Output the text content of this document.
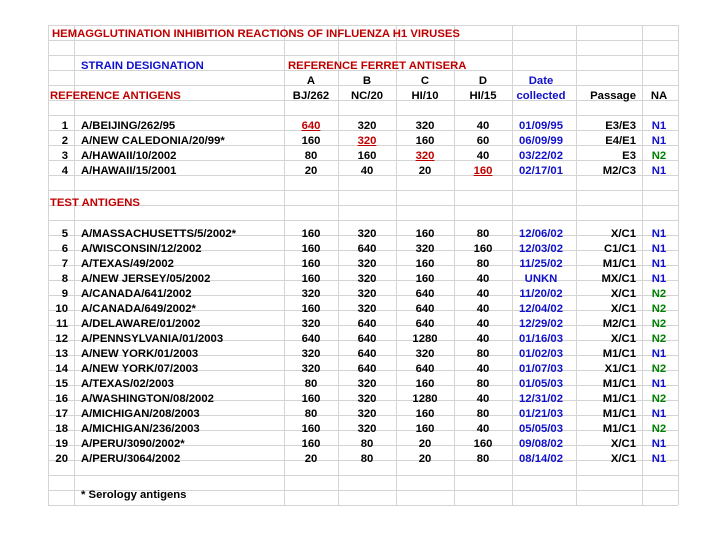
HEMAGGLUTINATION INHIBITION REACTIONS OF INFLUENZA H1 VIRUSES
STRAIN DESIGNATION	REFERENCE FERRET ANTISERA
A	B	C	D	Date
REFERENCE ANTIGENS	BJ/262	NC/20	HI/10	HI/15	collected	Passage	NA
1 A/BEIJING/262/95	640	320	320	40	01/09/95	E3/E3	N1
2 A/NEW CALEDONIA/20/99*	160	320	160	60	06/09/99	E4/E1	N1
3 A/HAWAII/10/2002	80	160	320	40	03/22/02	E3	N2
4 A/HAWAII/15/2001	20	40	20	160	02/17/01	M2/C3	N1
TEST ANTIGENS
5 A/MASSACHUSETTS/5/2002*	160	320	160	80	12/06/02	X/C1	N1
6 A/WISCONSIN/12/2002	160	640	320	160	12/03/02	C1/C1	N1
7 A/TEXAS/49/2002	160	320	160	80	11/25/02	M1/C1	N1
8 A/NEW JERSEY/05/2002	160	320	160	40	UNKN	MX/C1	N1
9 A/CANADA/641/2002	320	320	640	40	11/20/02	X/C1	N2
10 A/CANADA/649/2002*	160	320	640	40	12/04/02	X/C1	N2
11 A/DELAWARE/01/2002	320	640	640	40	12/29/02	M2/C1	N2
12 A/PENNSYLVANIA/01/2003	640	640	1280	40	01/16/03	X/C1	N2
13 A/NEW YORK/01/2003	320	640	320	80	01/02/03	M1/C1	N1
14 A/NEW YORK/07/2003	320	640	640	40	01/07/03	X1/C1	N2
15 A/TEXAS/02/2003	80	320	160	80	01/05/03	M1/C1	N1
16 A/WASHINGTON/08/2002	160	320	1280	40	12/31/02	M1/C1	N2
17 A/MICHIGAN/208/2003	80	320	160	80	01/21/03	M1/C1	N1
18 A/MICHIGAN/236/2003	160	320	160	40	05/05/03	M1/C1	N2
19 A/PERU/3090/2002*	160	80	20	160	09/08/02	X/C1	N1
20 A/PERU/3064/2002	20	80	20	80	08/14/02	X/C1	N1
* Serology antigens
